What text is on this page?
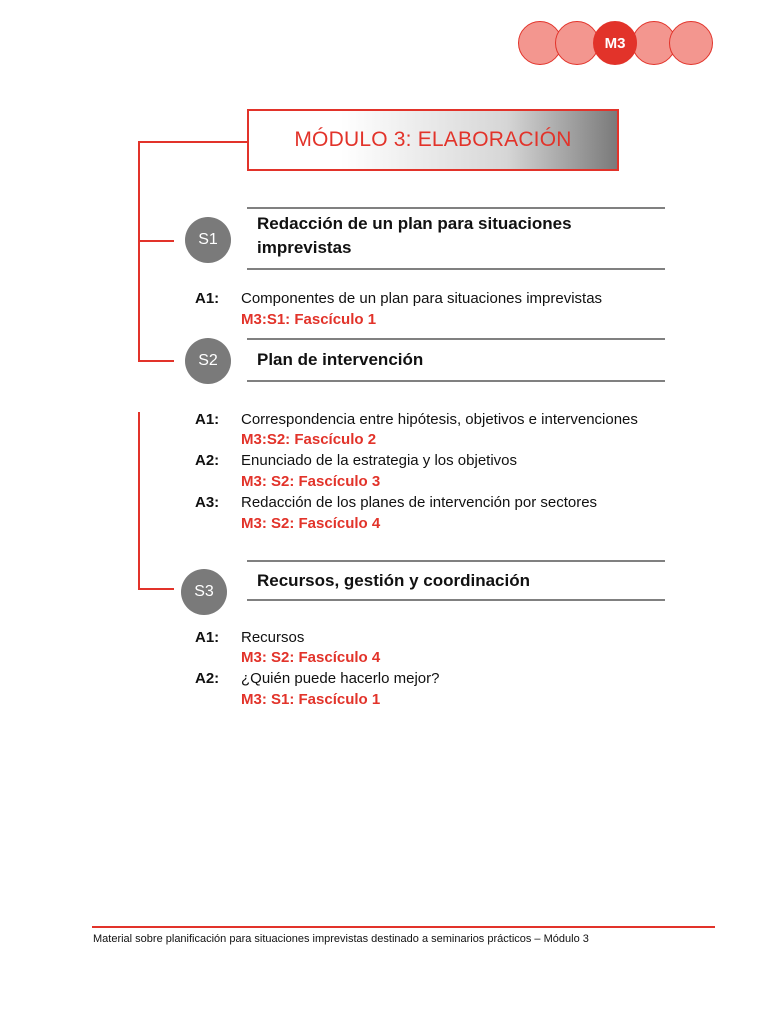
M3
MÓDULO 3: ELABORACIÓN
S1
Redacción de un plan para situaciones
imprevistas
A1: Componentes de un plan para situaciones imprevistas
M3:S1: Fascículo 1
S2 Plan de intervención
A1: Correspondencia entre hipótesis, objetivos e intervenciones
M3:S2: Fascículo 2
A2: Enunciado de la estrategia y los objetivos
M3: S2: Fascículo 3
A3: Redacción de los planes de intervención por sectores
M3: S2: Fascículo 4
S3
Recursos, gestión y coordinación
A1: Recursos
M3: S2: Fascículo 4
A2: ¿Quién puede hacerlo mejor?
M3: S1: Fascículo 1
Material sobre planificación para situaciones imprevistas destinado a seminarios prácticos – Módulo 3
